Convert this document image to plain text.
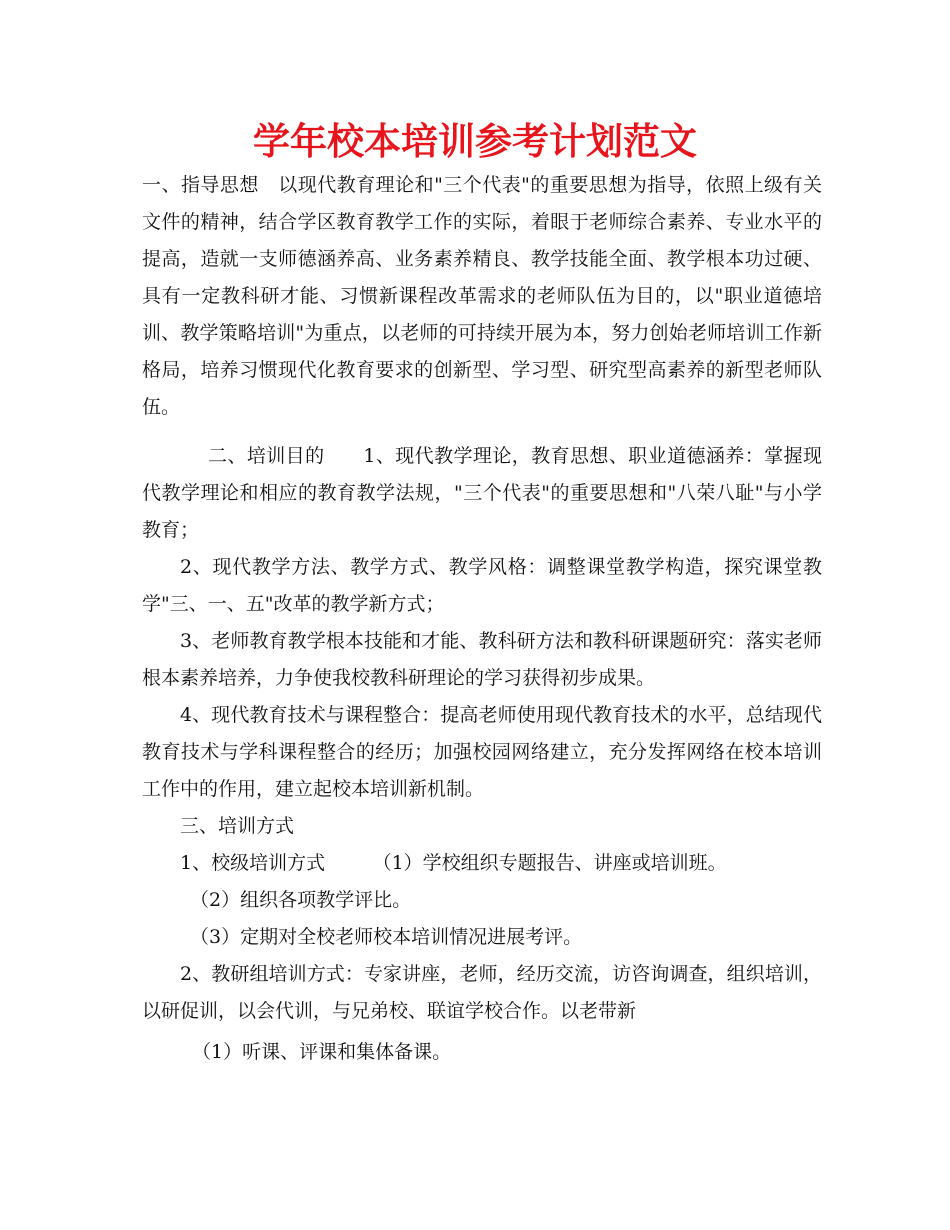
学年校本培训参考计划范文

一、指导思想　以现代教育理论和"三个代表"的重要思想为指导，依照上级有关文件的精神，结合学区教育教学工作的实际，着眼于老师综合素养、专业水平的提高，造就一支师德涵养高、业务素养精良、教学技能全面、教学根本功过硬、具有一定教科研才能、习惯新课程改革需求的老师队伍为目的，以"职业道德培训、教学策略培训"为重点，以老师的可持续开展为本，努力创始老师培训工作新格局，培养习惯现代化教育要求的创新型、学习型、研究型高素养的新型老师队伍。

二、培训目的　　1、现代教学理论，教育思想、职业道德涵养：掌握现代教学理论和相应的教育教学法规，"三个代表"的重要思想和"八荣八耻"与小学教育；

2、现代教学方法、教学方式、教学风格：调整课堂教学构造，探究课堂教学"三、一、五"改革的教学新方式；

3、老师教育教学根本技能和才能、教科研方法和教科研课题研究：落实老师根本素养培养，力争使我校教科研理论的学习获得初步成果。

4、现代教育技术与课程整合：提高老师使用现代教育技术的水平，总结现代教育技术与学科课程整合的经历；加强校园网络建立，充分发挥网络在校本培训工作中的作用，建立起校本培训新机制。

三、培训方式

1、校级培训方式　　　（1）学校组织专题报告、讲座或培训班。

（2）组织各项教学评比。

（3）定期对全校老师校本培训情况进展考评。

2、教研组培训方式：专家讲座，老师，经历交流，访咨询调查，组织培训，以研促训，以会代训，与兄弟校、联谊学校合作。以老带新

（1）听课、评课和集体备课。
